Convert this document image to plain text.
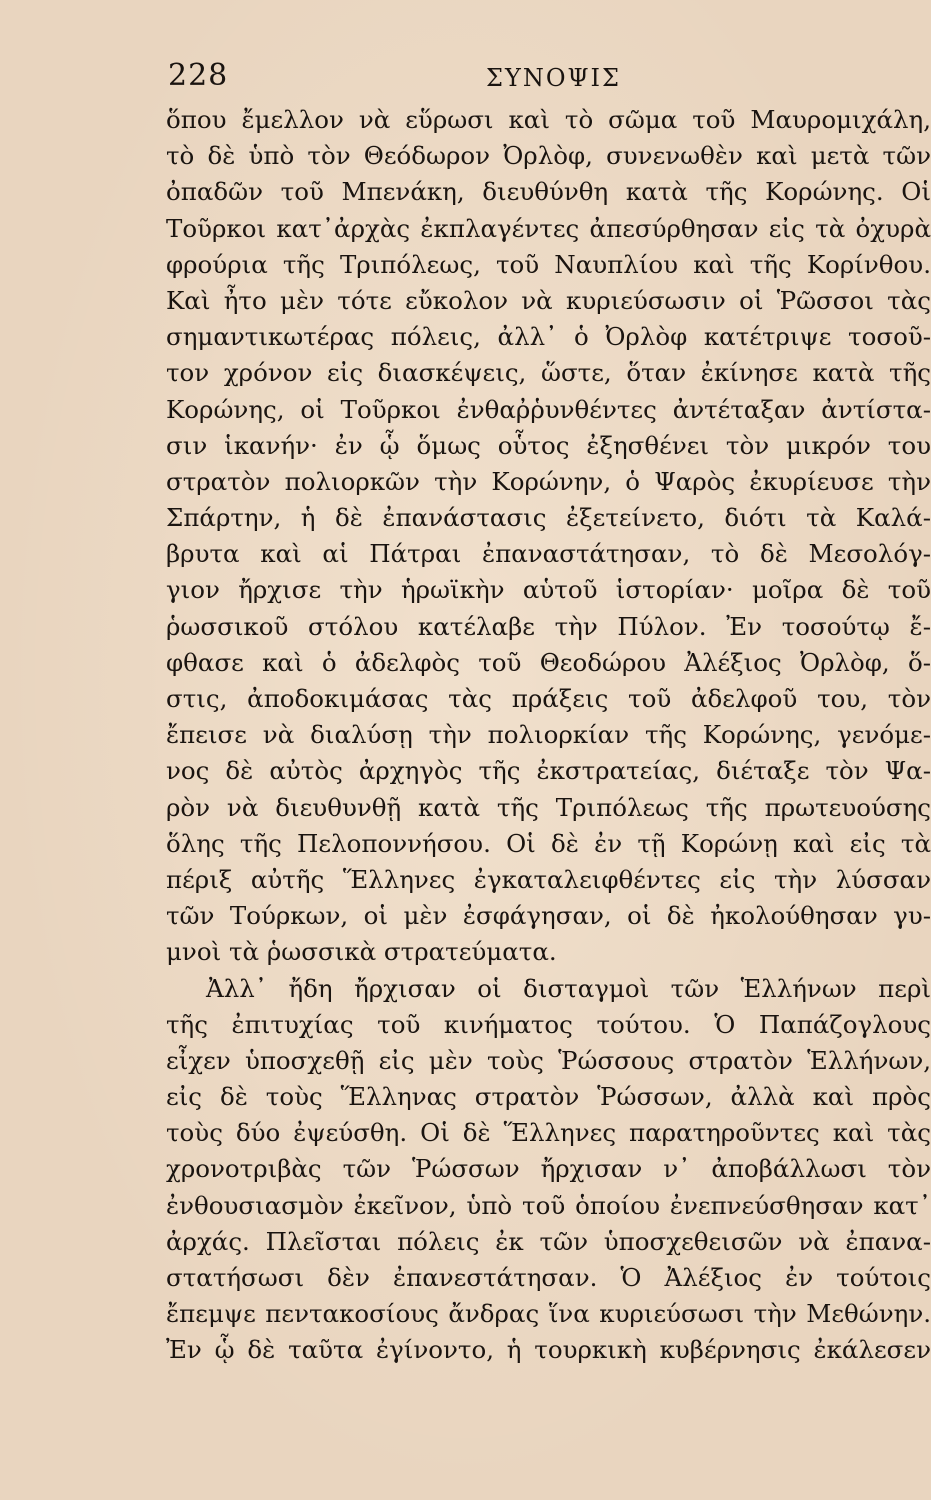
228	ΣΥΝΟΨΙΣ
ὅπου ἔμελλον νὰ εὕρωσι καὶ τὸ σῶμα τοῦ Μαυρομιχάλη,
τὸ δὲ ὑπὸ τὸν Θεόδωρον Ὀρλὸφ, συνενωθὲν καὶ μετὰ τῶν
ὀπαδῶν τοῦ Μπενάκη, διευθύνθη κατὰ τῆς Κορώνης. Οἱ
Τοῦρκοι κατ᾽ἀρχὰς ἐκπλαγέντες ἀπεσύρθησαν εἰς τὰ ὀχυρὰ
φρούρια τῆς Τριπόλεως, τοῦ Ναυπλίου καὶ τῆς Κορίνθου.
Καὶ ἦτο μὲν τότε εὔκολον νὰ κυριεύσωσιν οἱ Ῥῶσσοι τὰς
σημαντικωτέρας πόλεις, ἀλλ᾽ ὁ Ὀρλὸφ κατέτριψε τοσοῦ-
τον χρόνον εἰς διασκέψεις, ὥστε, ὅταν ἐκίνησε κατὰ τῆς
Κορώνης, οἱ Τοῦρκοι ἐνθαῤῥυνθέντες ἀντέταξαν ἀντίστα-
σιν ἱκανήν· ἐν ᾧ ὅμως οὗτος ἐξησθένει τὸν μικρόν του
στρατὸν πολιορκῶν τὴν Κορώνην, ὁ Ψαρὸς ἐκυρίευσε τὴν
Σπάρτην, ἡ δὲ ἐπανάστασις ἐξετείνετο, διότι τὰ Καλά-
βρυτα καὶ αἱ Πάτραι ἐπαναστάτησαν, τὸ δὲ Μεσολόγ-
γιον ἤρχισε τὴν ἡρωϊκὴν αὑτοῦ ἱστορίαν· μοῖρα δὲ τοῦ
ῥωσσικοῦ στόλου κατέλαβε τὴν Πύλον. Ἐν τοσούτῳ ἔ-
φθασε καὶ ὁ ἀδελφὸς τοῦ Θεοδώρου Ἀλέξιος Ὀρλὸφ, ὅ-
στις, ἀποδοκιμάσας τὰς πράξεις τοῦ ἀδελφοῦ του, τὸν
ἔπεισε νὰ διαλύσῃ τὴν πολιορκίαν τῆς Κορώνης, γενόμε-
νος δὲ αὐτὸς ἀρχηγὸς τῆς ἐκστρατείας, διέταξε τὸν Ψα-
ρὸν νὰ διευθυνθῇ κατὰ τῆς Τριπόλεως τῆς πρωτευούσης
ὅλης τῆς Πελοποννήσου. Οἱ δὲ ἐν τῇ Κορώνῃ καὶ εἰς τὰ
πέριξ αὐτῆς Ἕλληνες ἐγκαταλειφθέντες εἰς τὴν λύσσαν
τῶν Τούρκων, οἱ μὲν ἐσφάγησαν, οἱ δὲ ἠκολούθησαν γυ-
μνοὶ τὰ ῥωσσικὰ στρατεύματα.
Ἀλλ᾽ ἤδη ἤρχισαν οἱ δισταγμοὶ τῶν Ἑλλήνων περὶ
τῆς ἐπιτυχίας τοῦ κινήματος τούτου. Ὁ Παπάζογλους
εἶχεν ὑποσχεθῇ εἰς μὲν τοὺς Ῥώσσους στρατὸν Ἑλλήνων,
εἰς δὲ τοὺς Ἕλληνας στρατὸν Ῥώσσων, ἀλλὰ καὶ πρὸς
τοὺς δύο ἐψεύσθη. Οἱ δὲ Ἕλληνες παρατηροῦντες καὶ τὰς
χρονοτριβὰς τῶν Ῥώσσων ἤρχισαν ν᾽ ἀποβάλλωσι τὸν
ἐνθουσιασμὸν ἐκεῖνον, ὑπὸ τοῦ ὁποίου ἐνεπνεύσθησαν κατ᾽
ἀρχάς. Πλεῖσται πόλεις ἐκ τῶν ὑποσχεθεισῶν νὰ ἐπανα-
στατήσωσι δὲν ἐπανεστάτησαν. Ὁ Ἀλέξιος ἐν τούτοις
ἔπεμψε πεντακοσίους ἄνδρας ἵνα κυριεύσωσι τὴν Μεθώνην.
Ἐν ᾧ δὲ ταῦτα ἐγίνοντο, ἡ τουρκικὴ κυβέρνησις ἐκάλεσεν
